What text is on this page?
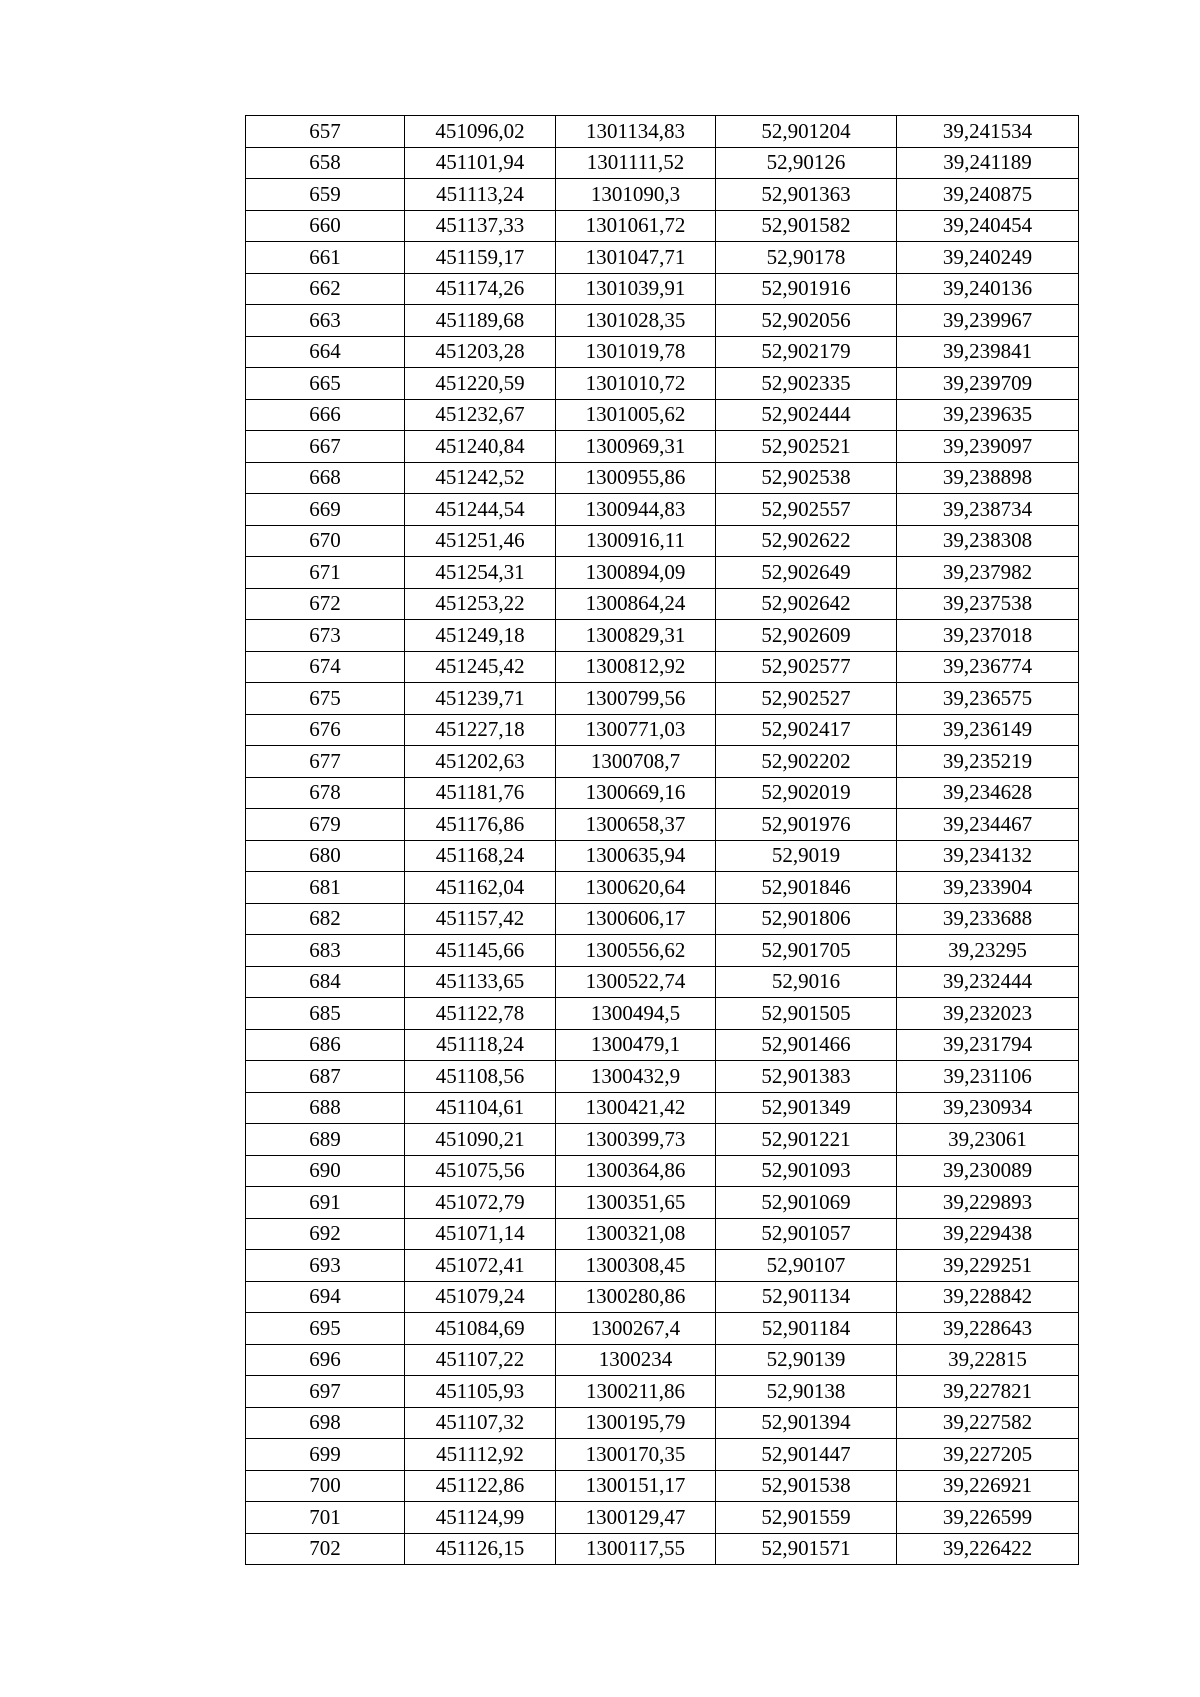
657	451096,02	1301134,83	52,901204	39,241534
658	451101,94	1301111,52	52,90126	39,241189
659	451113,24	1301090,3	52,901363	39,240875
660	451137,33	1301061,72	52,901582	39,240454
661	451159,17	1301047,71	52,90178	39,240249
662	451174,26	1301039,91	52,901916	39,240136
663	451189,68	1301028,35	52,902056	39,239967
664	451203,28	1301019,78	52,902179	39,239841
665	451220,59	1301010,72	52,902335	39,239709
666	451232,67	1301005,62	52,902444	39,239635
667	451240,84	1300969,31	52,902521	39,239097
668	451242,52	1300955,86	52,902538	39,238898
669	451244,54	1300944,83	52,902557	39,238734
670	451251,46	1300916,11	52,902622	39,238308
671	451254,31	1300894,09	52,902649	39,237982
672	451253,22	1300864,24	52,902642	39,237538
673	451249,18	1300829,31	52,902609	39,237018
674	451245,42	1300812,92	52,902577	39,236774
675	451239,71	1300799,56	52,902527	39,236575
676	451227,18	1300771,03	52,902417	39,236149
677	451202,63	1300708,7	52,902202	39,235219
678	451181,76	1300669,16	52,902019	39,234628
679	451176,86	1300658,37	52,901976	39,234467
680	451168,24	1300635,94	52,9019	39,234132
681	451162,04	1300620,64	52,901846	39,233904
682	451157,42	1300606,17	52,901806	39,233688
683	451145,66	1300556,62	52,901705	39,23295
684	451133,65	1300522,74	52,9016	39,232444
685	451122,78	1300494,5	52,901505	39,232023
686	451118,24	1300479,1	52,901466	39,231794
687	451108,56	1300432,9	52,901383	39,231106
688	451104,61	1300421,42	52,901349	39,230934
689	451090,21	1300399,73	52,901221	39,23061
690	451075,56	1300364,86	52,901093	39,230089
691	451072,79	1300351,65	52,901069	39,229893
692	451071,14	1300321,08	52,901057	39,229438
693	451072,41	1300308,45	52,90107	39,229251
694	451079,24	1300280,86	52,901134	39,228842
695	451084,69	1300267,4	52,901184	39,228643
696	451107,22	1300234	52,90139	39,22815
697	451105,93	1300211,86	52,90138	39,227821
698	451107,32	1300195,79	52,901394	39,227582
699	451112,92	1300170,35	52,901447	39,227205
700	451122,86	1300151,17	52,901538	39,226921
701	451124,99	1300129,47	52,901559	39,226599
702	451126,15	1300117,55	52,901571	39,226422
